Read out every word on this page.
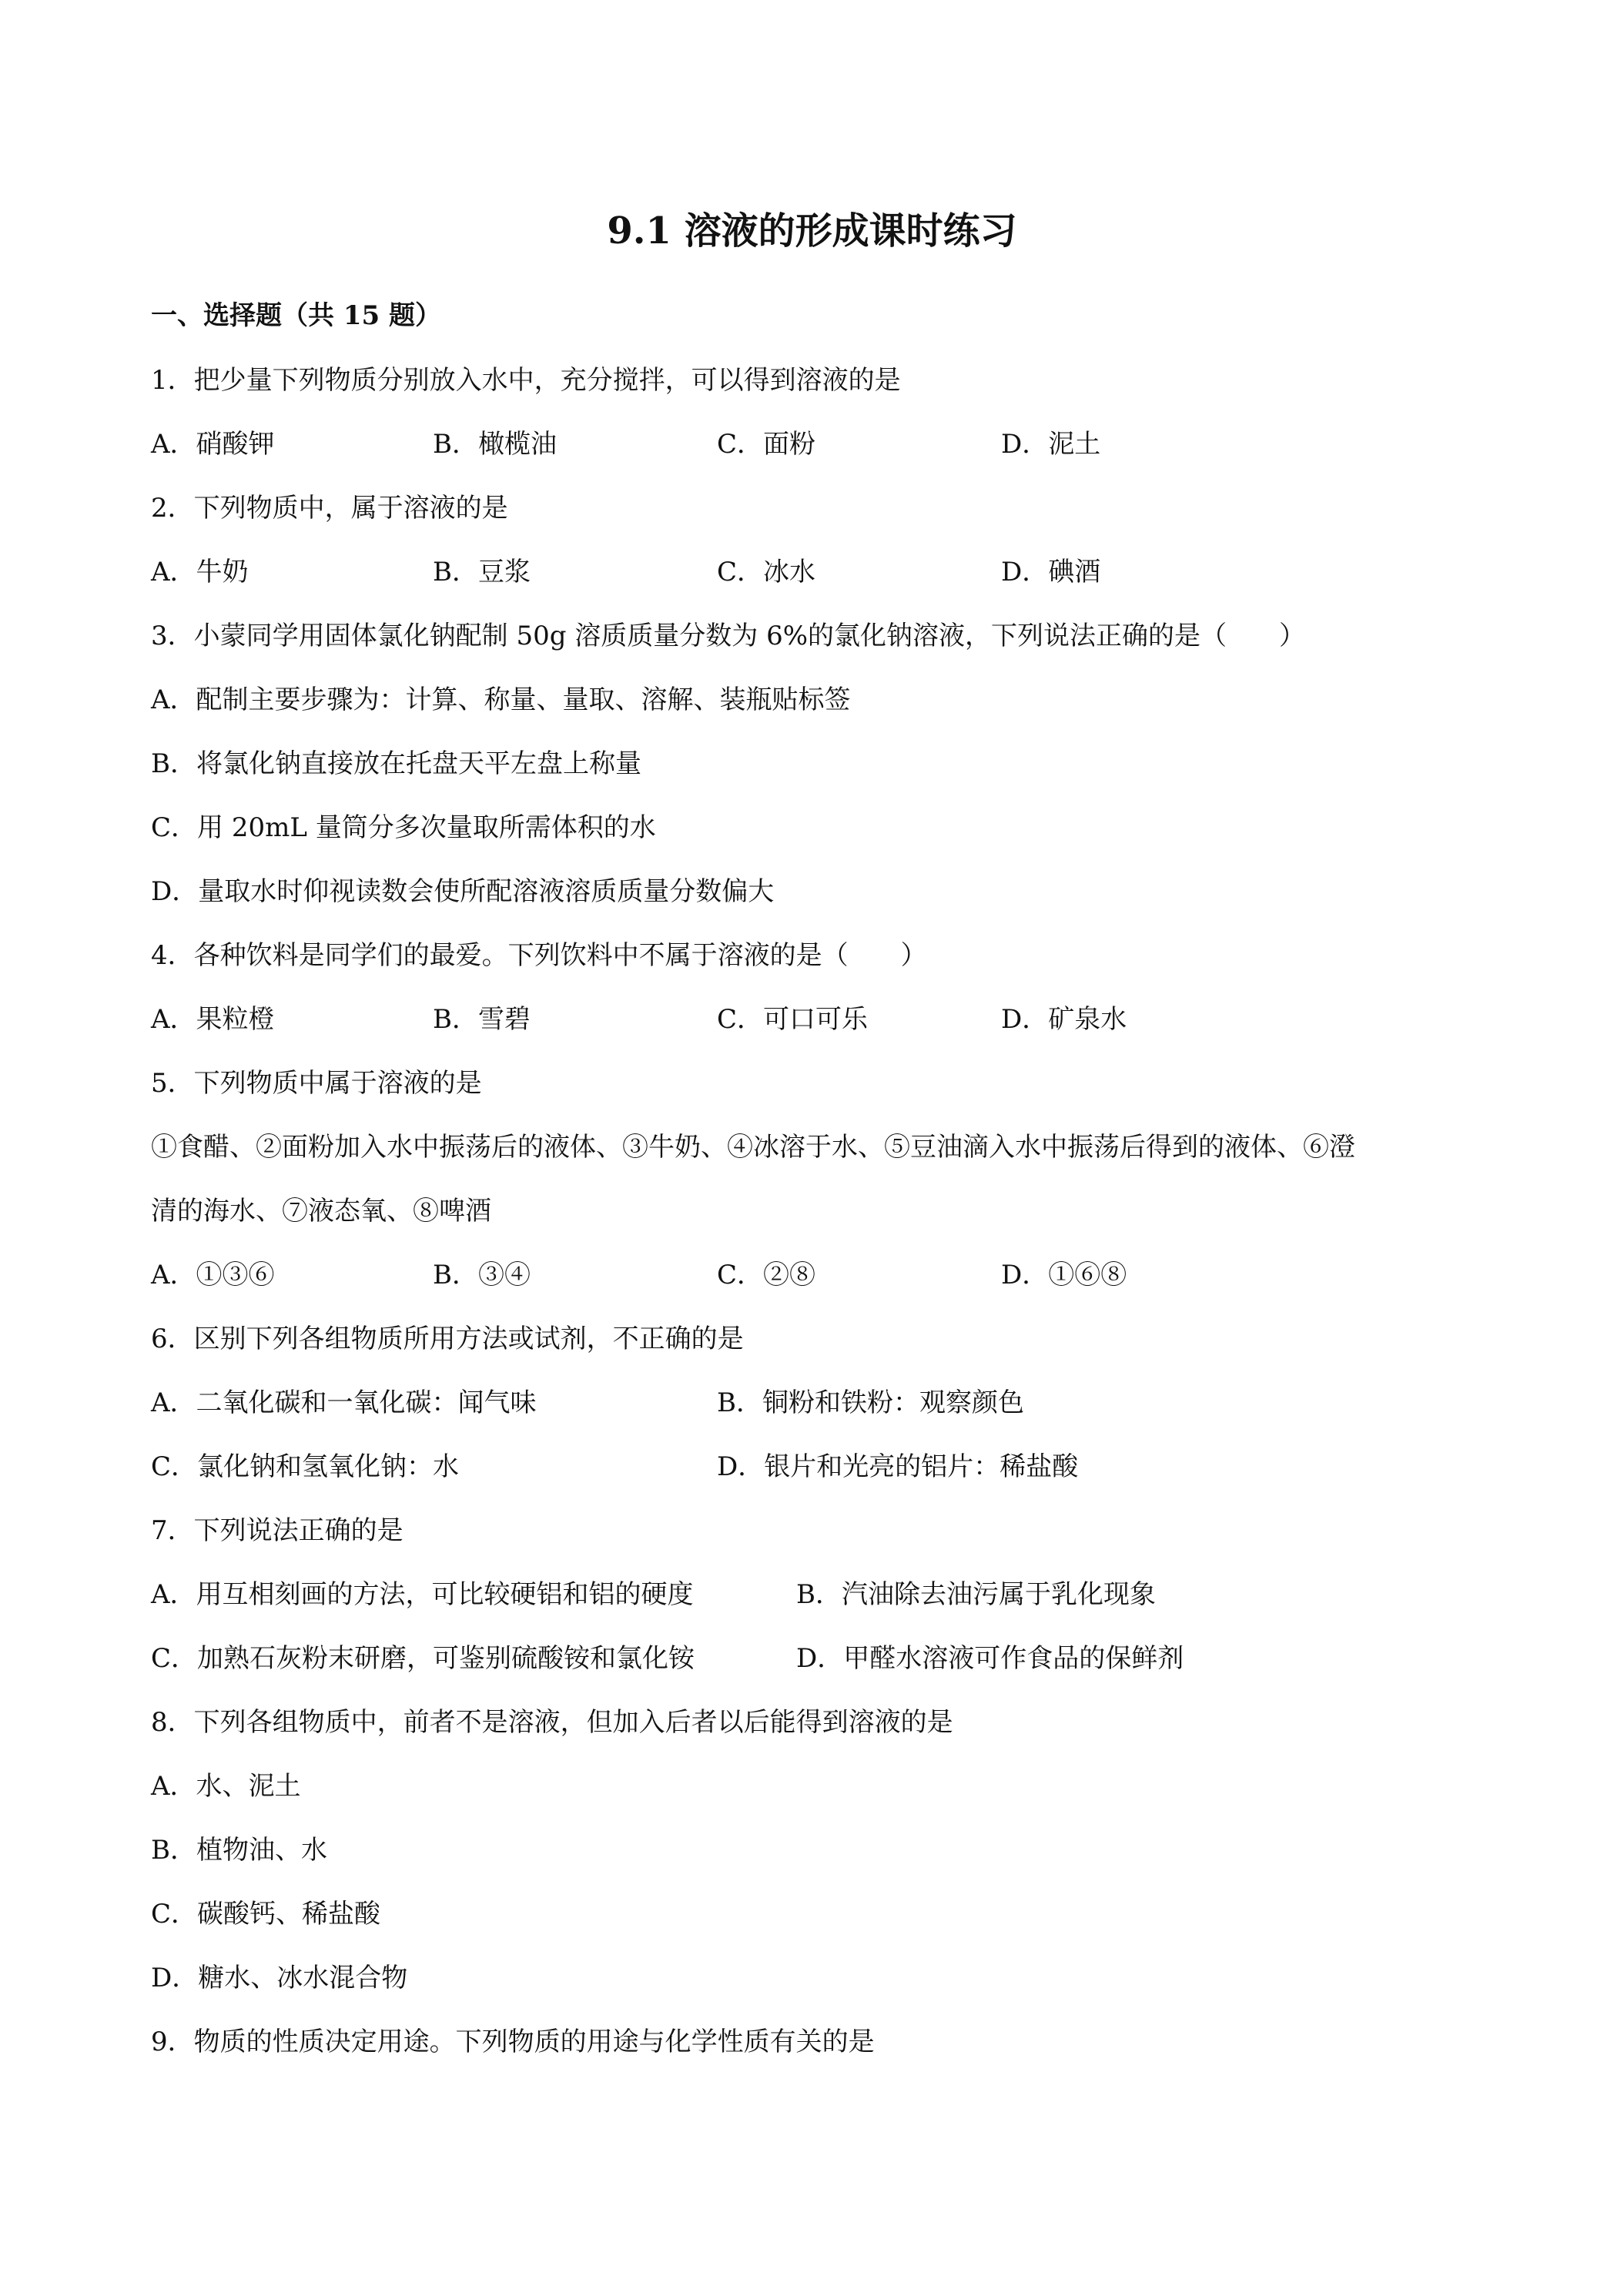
9.1 溶液的形成课时练习
一、选择题（共 15 题）
1．把少量下列物质分别放入水中，充分搅拌，可以得到溶液的是
A．硝酸钾	B．橄榄油	C．面粉	D．泥土
2．下列物质中，属于溶液的是
A．牛奶	B．豆浆	C．冰水	D．碘酒
3．小蒙同学用固体氯化钠配制 50g 溶质质量分数为 6%的氯化钠溶液，下列说法正确的是（　　）
A．配制主要步骤为：计算、称量、量取、溶解、装瓶贴标签
B．将氯化钠直接放在托盘天平左盘上称量
C．用 20mL 量筒分多次量取所需体积的水
D．量取水时仰视读数会使所配溶液溶质质量分数偏大
4．各种饮料是同学们的最爱。下列饮料中不属于溶液的是（　　）
A．果粒橙	B．雪碧	C．可口可乐	D．矿泉水
5．下列物质中属于溶液的是
①食醋、②面粉加入水中振荡后的液体、③牛奶、④冰溶于水、⑤豆油滴入水中振荡后得到的液体、⑥澄
清的海水、⑦液态氧、⑧啤酒
A．①③⑥	B．③④	C．②⑧	D．①⑥⑧
6．区别下列各组物质所用方法或试剂，不正确的是
A．二氧化碳和一氧化碳：闻气味	B．铜粉和铁粉：观察颜色
C．氯化钠和氢氧化钠：水	D．银片和光亮的铝片：稀盐酸
7．下列说法正确的是
A．用互相刻画的方法，可比较硬铝和铝的硬度	B．汽油除去油污属于乳化现象
C．加熟石灰粉末研磨，可鉴别硫酸铵和氯化铵	D．甲醛水溶液可作食品的保鲜剂
8．下列各组物质中，前者不是溶液，但加入后者以后能得到溶液的是
A．水、泥土
B．植物油、水
C．碳酸钙、稀盐酸
D．糖水、冰水混合物
9．物质的性质决定用途。下列物质的用途与化学性质有关的是
